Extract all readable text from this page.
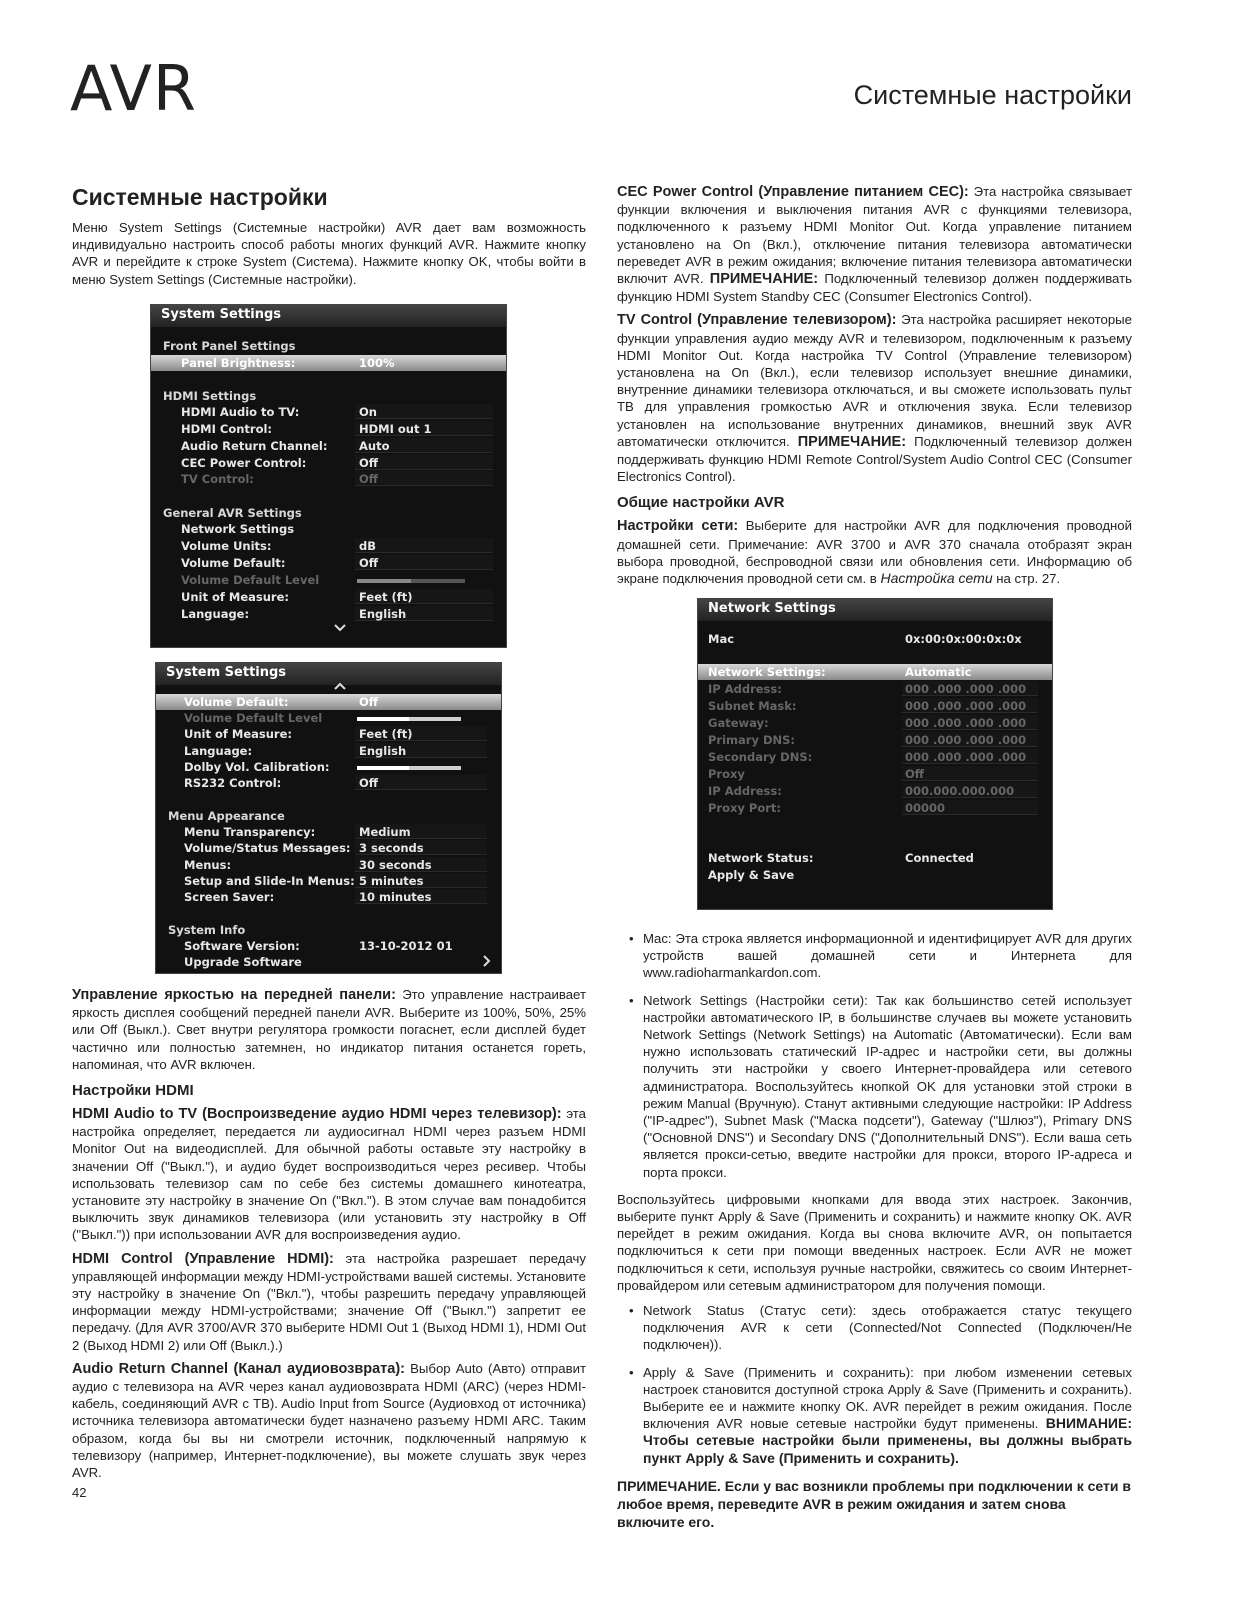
AVR	Системные настройки
Системные настройки

Меню System Settings (Системные настройки) AVR дает вам возможность индивидуально настроить способ работы многих функций AVR. Нажмите кнопку AVR и перейдите к строке System (Система). Нажмите кнопку OK, чтобы войти в меню System Settings (Системные настройки).

System Settings
Front Panel Settings
Panel Brightness:	100%
HDMI Settings
HDMI Audio to TV:	On
HDMI Control:	HDMI out 1
Audio Return Channel:	Auto
CEC Power Control:	Off
TV Control:	Off
General AVR Settings
Network Settings
Volume Units:	dB
Volume Default:	Off
Volume Default Level
Unit of Measure:	Feet (ft)
Language:	English
System Settings
Volume Default:	Off
Volume Default Level
Unit of Measure:	Feet (ft)
Language:	English
Dolby Vol. Calibration:
RS232 Control:	Off
Menu Appearance
Menu Transparency:	Medium
Volume/Status Messages: 3 seconds
Menus:	30 seconds
Setup and Slide-In Menus: 5 minutes
Screen Saver:	10 minutes
System Info
Software Version:	13-10-2012 01
Upgrade Software

Управление яркостью на передней панели: Это управление настраивает яркость дисплея сообщений передней панели AVR. Выберите из 100%, 50%, 25% или Off (Выкл.). Свет внутри регулятора громкости погаснет, если дисплей будет частично или полностью затемнен, но индикатор питания останется гореть, напоминая, что AVR включен.

Настройки HDMI

HDMI Audio to TV (Воспроизведение аудио HDMI через телевизор): эта настройка определяет, передается ли аудиосигнал HDMI через разъем HDMI Monitor Out на видеодисплей. Для обычной работы оставьте эту настройку в значении Off ("Выкл."), и аудио будет воспроизводиться через ресивер. Чтобы использовать телевизор сам по себе без системы домашнего кинотеатра, установите эту настройку в значение On ("Вкл."). В этом случае вам понадобится выключить звук динамиков телевизора (или установить эту настройку в Off ("Выкл.")) при использовании AVR для воспроизведения аудио.

HDMI Control (Управление HDMI): эта настройка разрешает передачу управляющей информации между HDMI-устройствами вашей системы. Установите эту настройку в значение On ("Вкл."), чтобы разрешить передачу управляющей информации между HDMI-устройствами; значение Off ("Выкл.") запретит ее передачу. (Для AVR 3700/AVR 370 выберите HDMI Out 1 (Выход HDMI 1), HDMI Out 2 (Выход HDMI 2) или Off (Выкл.).)

Audio Return Channel (Канал аудиовозврата): Выбор Auto (Авто) отправит аудио с телевизора на AVR через канал аудиовозврата HDMI (ARC) (через HDMI-кабель, соединяющий AVR с ТВ). Audio Input from Source (Аудиовход от источника) источника телевизора автоматически будет назначено разъему HDMI ARC. Таким образом, когда бы вы ни смотрели источник, подключенный напрямую к телевизору (например, Интернет-подключение), вы можете слушать звук через AVR.

42

CEC Power Control (Управление питанием CEC): Эта настройка связывает функции включения и выключения питания AVR с функциями телевизора, подключенного к разъему HDMI Monitor Out. Когда управление питанием установлено на On (Вкл.), отключение питания телевизора автоматически переведет AVR в режим ожидания; включение питания телевизора автоматически включит AVR. ПРИМЕЧАНИЕ: Подключенный телевизор должен поддерживать функцию HDMI System Standby CEC (Consumer Electronics Control).

TV Control (Управление телевизором): Эта настройка расширяет некоторые функции управления аудио между AVR и телевизором, подключенным к разъему HDMI Monitor Out. Когда настройка TV Control (Управление телевизором) установлена на On (Вкл.), если телевизор использует внешние динамики, внутренние динамики телевизора отключаться, и вы сможете использовать пульт ТВ для управления громкостью AVR и отключения звука. Если телевизор установлен на использование внутренних динамиков, внешний звук AVR автоматически отключится. ПРИМЕЧАНИЕ: Подключенный телевизор должен поддерживать функцию HDMI Remote Control/System Audio Control CEC (Consumer Electronics Control).

Общие настройки AVR

Настройки сети: Выберите для настройки AVR для подключения проводной домашней сети. Примечание: AVR 3700 и AVR 370 сначала отобразят экран выбора проводной, беспроводной связи или обновления сети. Информацию об экране подключения проводной сети см. в Настройка сети на стр. 27.

Network Settings
Mac	0x:00:0x:00:0x:0x
Network Settings:	Automatic
IP Address:	000 .000 .000 .000
Subnet Mask:	000 .000 .000 .000
Gateway:	000 .000 .000 .000
Primary DNS:	000 .000 .000 .000
Secondary DNS:	000 .000 .000 .000
Proxy	Off
IP Address:	000.000.000.000
Proxy Port:	00000
Network Status:	Connected
Apply & Save
• Mac: Эта строка является информационной и идентифицирует AVR для других устройств вашей домашней сети и Интернета для www.radioharmankardon.com.
• Network Settings (Настройки сети): Так как большинство сетей использует настройки автоматического IP, в большинстве случаев вы можете установить Network Settings (Network Settings) на Automatic (Автоматически). Если вам нужно использовать статический IP-адрес и настройки сети, вы должны получить эти настройки у своего Интернет-провайдера или сетевого администратора. Воспользуйтесь кнопкой OK для установки этой строки в режим Manual (Вручную). Станут активными следующие настройки: IP Address ("IP-адрес"), Subnet Mask ("Маска подсети"), Gateway ("Шлюз"), Primary DNS ("Основной DNS") и Secondary DNS ("Дополнительный DNS"). Если ваша сеть является прокси-сетью, введите настройки для прокси, второго IP-адреса и порта прокси.

Воспользуйтесь цифровыми кнопками для ввода этих настроек. Закончив, выберите пункт Apply & Save (Применить и сохранить) и нажмите кнопку OK. AVR перейдет в режим ожидания. Когда вы снова включите AVR, он попытается подключиться к сети при помощи введенных настроек. Если AVR не может подключиться к сети, используя ручные настройки, свяжитесь со своим Интернет-провайдером или сетевым администратором для получения помощи.

• Network Status (Статус сети): здесь отображается статус текущего подключения AVR к сети (Connected/Not Connected (Подключен/Не подключен)).
• Apply & Save (Применить и сохранить): при любом изменении сетевых настроек становится доступной строка Apply & Save (Применить и сохранить). Выберите ее и нажмите кнопку OK. AVR перейдет в режим ожидания. После включения AVR новые сетевые настройки будут применены. ВНИМАНИЕ: Чтобы сетевые настройки были применены, вы должны выбрать пункт Apply & Save (Применить и сохранить).

ПРИМЕЧАНИЕ. Если у вас возникли проблемы при подключении к сети в любое время, переведите AVR в режим ожидания и затем снова включите его.
